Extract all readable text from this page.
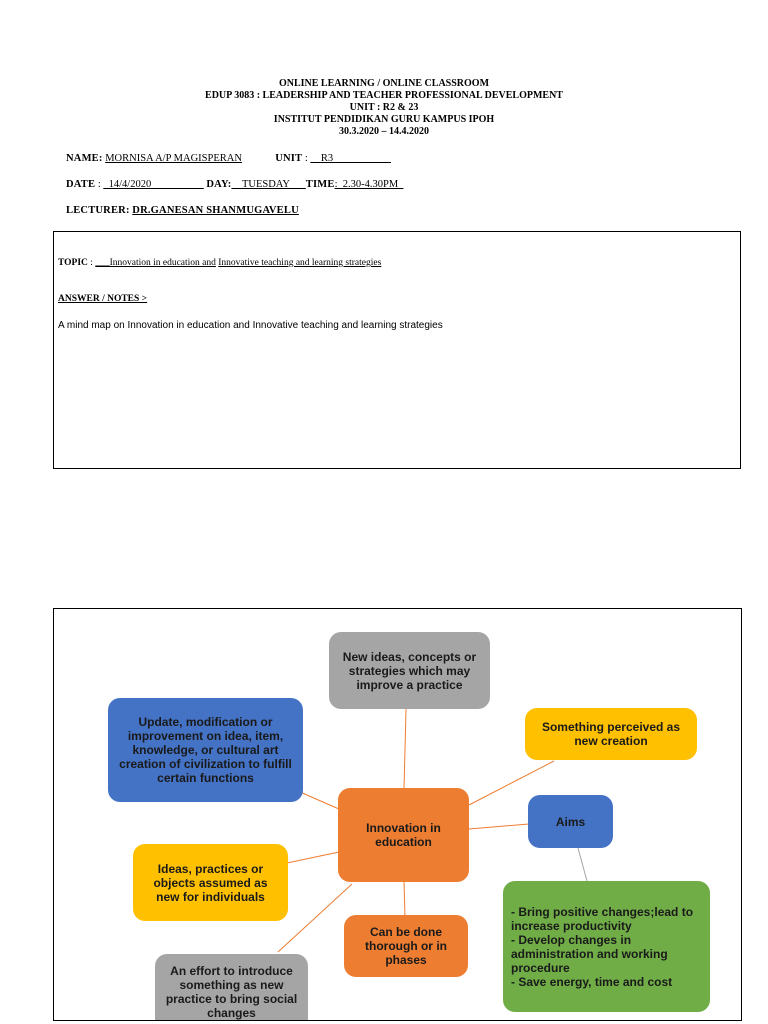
ONLINE LEARNING / ONLINE CLASSROOM
EDUP 3083 : LEADERSHIP AND TEACHER PROFESSIONAL DEVELOPMENT
UNIT : R2 & 23
INSTITUT PENDIDIKAN GURU KAMPUS IPOH
30.3.2020 – 14.4.2020
NAME: MORNISA A/P MAGISPERAN	UNIT : __R3___________
DATE : _14/4/2020__________ DAY:__TUESDAY___TIME:_2.30-4.30PM_
LECTURER: DR.GANESAN SHANMUGAVELU
TOPIC : ___Innovation in education and Innovative teaching and learning strategies
ANSWER / NOTES >
A mind map on Innovation in education and Innovative teaching and learning strategies
New ideas, concepts or strategies which may improve a practice
Update, modification or improvement on idea, item, knowledge, or cultural art creation of civilization to fulfill certain functions
Something perceived as new creation
Aims
Innovation in education
Ideas, practices or objects assumed as new for individuals
Can be done thorough or in phases
- Bring positive changes;lead to increase productivity
- Develop changes in administration and working procedure
- Save energy, time and cost
An effort to introduce something as new practice to bring social changes
